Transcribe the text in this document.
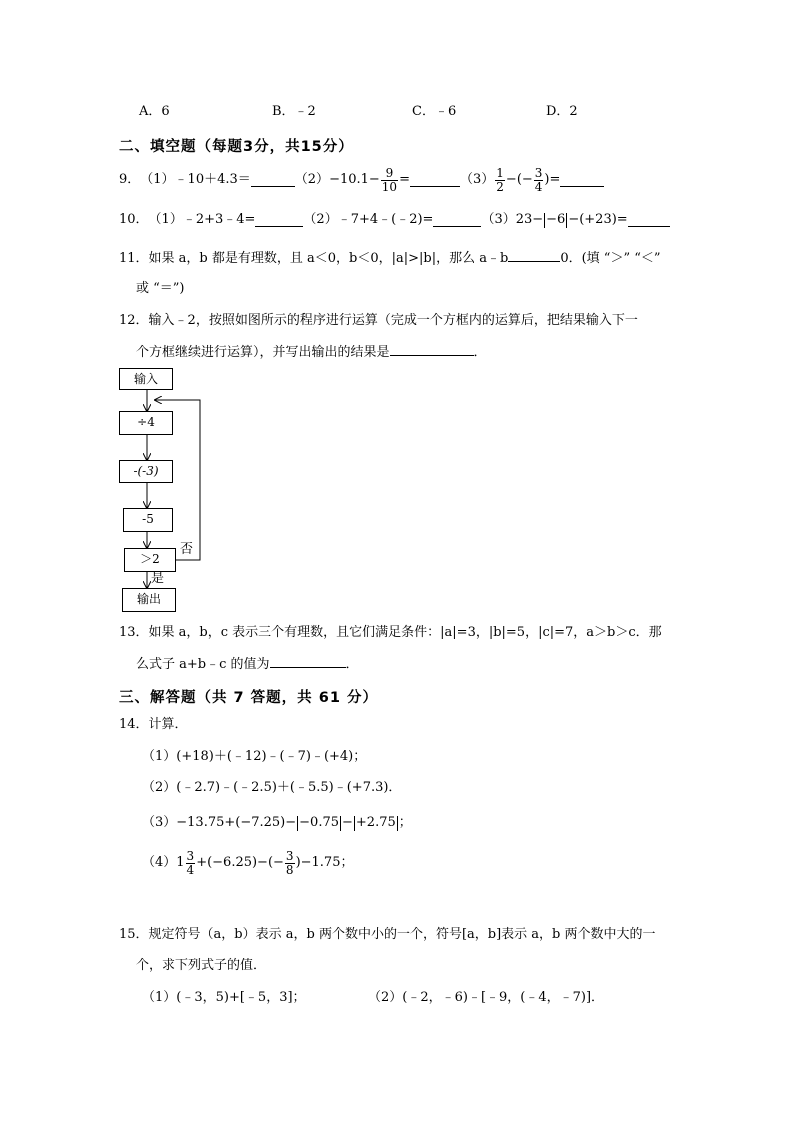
A．6	B．﹣2	C．﹣6	D．2
二、填空题（每题3分，共15分）
9． （1）﹣10＋4.3＝	$(2) -10.1- \frac{9}{10}$ =	$(3) \frac{1}{2}$ − (− $\frac{3}{4}$ )=
10． （1）﹣2+3﹣4=	（2）﹣7+4﹣(﹣2)=	（3） 23− −6 −(+23)=
11．如果 a，b 都是有理数，且 a＜0，b＜0，|a|>|b|，那么 a﹣b	0．(填 “＞” “＜”
或 “＝”)
12．输入﹣2，按照如图所示的程序进行运算（完成一个方框内的运算后，把结果输入下一
个方框继续进行运算），并写出输出的结果是	．
输入
÷4
-(-3)
-5
＞2
输出
否
是
13．如果 a，b，c 表示三个有理数，且它们满足条件：|a|=3，|b|=5，|c|=7，a＞b＞c．那
么式子 a+b﹣c 的值为	．
三、解答题（共 7 答题，共 61 分）
14．计算．
（1）(+18)＋(﹣12)﹣(﹣7)﹣(+4)；
（2）(﹣2.7)﹣(﹣2.5)＋(﹣5.5)﹣(+7.3)．
（3）−13.75+(−7.25)− −0.75 − +2.75 ；
$(4)1 \frac{3}{4} +(-6.25)-(- \frac{3}{8} )-1.75$；
15．规定符号（a，b）表示 a，b 两个数中小的一个，符号[a，b]表示 a，b 两个数中大的一
个，求下列式子的值．
（1）(﹣3，5)+[﹣5，3]；	（2）(﹣2，﹣6)﹣[﹣9，(﹣4，﹣7)]．
